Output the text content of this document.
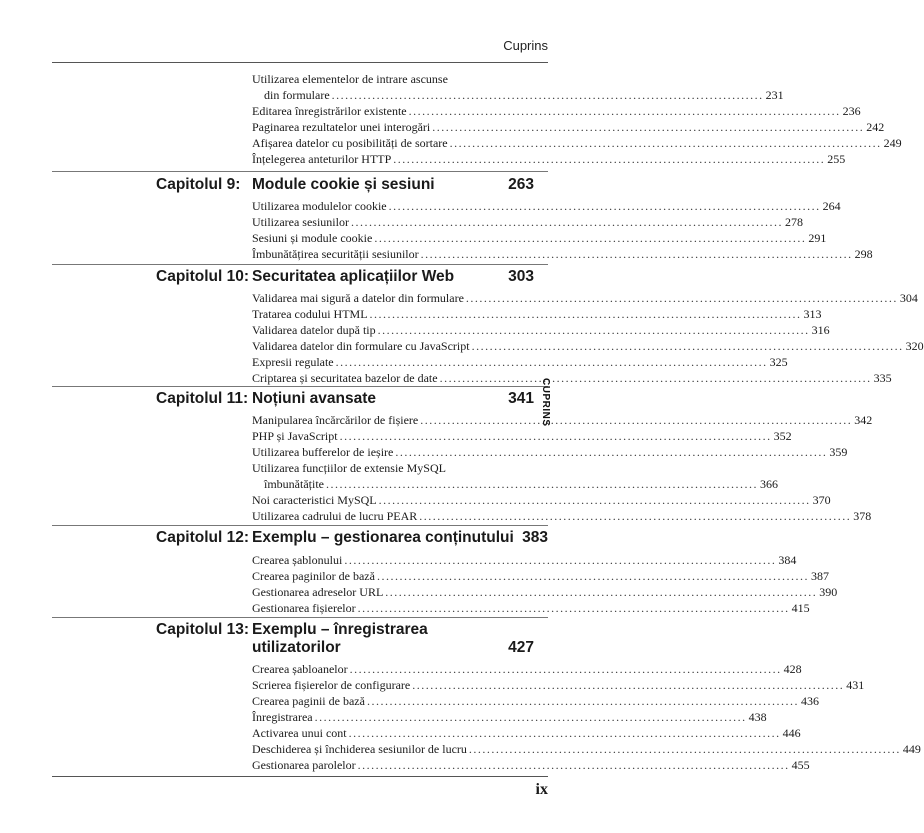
Cuprins
Utilizarea elementelor de intrare ascunse
din formulare .....	231
Editarea înregistrărilor existente .....	236
Paginarea rezultatelor unei interogări .....	242
Afișarea datelor cu posibilități de sortare .....	249
Înțelegerea anteturilor HTTP .....	255
Capitolul 9: Module cookie și sesiuni	263
Utilizarea modulelor cookie .....	264
Utilizarea sesiunilor .....	278
Sesiuni și module cookie .....	291
Îmbunătățirea securității sesiunilor .....	298
Capitolul 10: Securitatea aplicațiilor Web	303
Validarea mai sigură a datelor din formulare .....	304
Tratarea codului HTML .....	313
Validarea datelor după tip .....	316
Validarea datelor din formulare cu JavaScript .....	320
Expresii regulate .....	325
Criptarea și securitatea bazelor de date .....	335
Capitolul 11: Noțiuni avansate	341
Manipularea încărcărilor de fișiere .....	342
PHP și JavaScript .....	352
Utilizarea bufferelor de ieșire .....	359
Utilizarea funcțiilor de extensie MySQL
îmbunătățite .....	366
Noi caracteristici MySQL .....	370
Utilizarea cadrului de lucru PEAR .....	378
Capitolul 12: Exemplu – gestionarea conținutului 383
Crearea șablonului .....	384
Crearea paginilor de bază .....	387
Gestionarea adreselor URL .....	390
Gestionarea fișierelor .....	415
Capitolul 13: Exemplu – înregistrarea
utilizatorilor	427
Crearea șabloanelor .....	428
Scrierea fișierelor de configurare .....	431
Crearea paginii de bază .....	436
Înregistrarea .....	438
Activarea unui cont .....	446
Deschiderea și închiderea sesiunilor de lucru .....	449
Gestionarea parolelor .....	455
CUPRINS
ix
